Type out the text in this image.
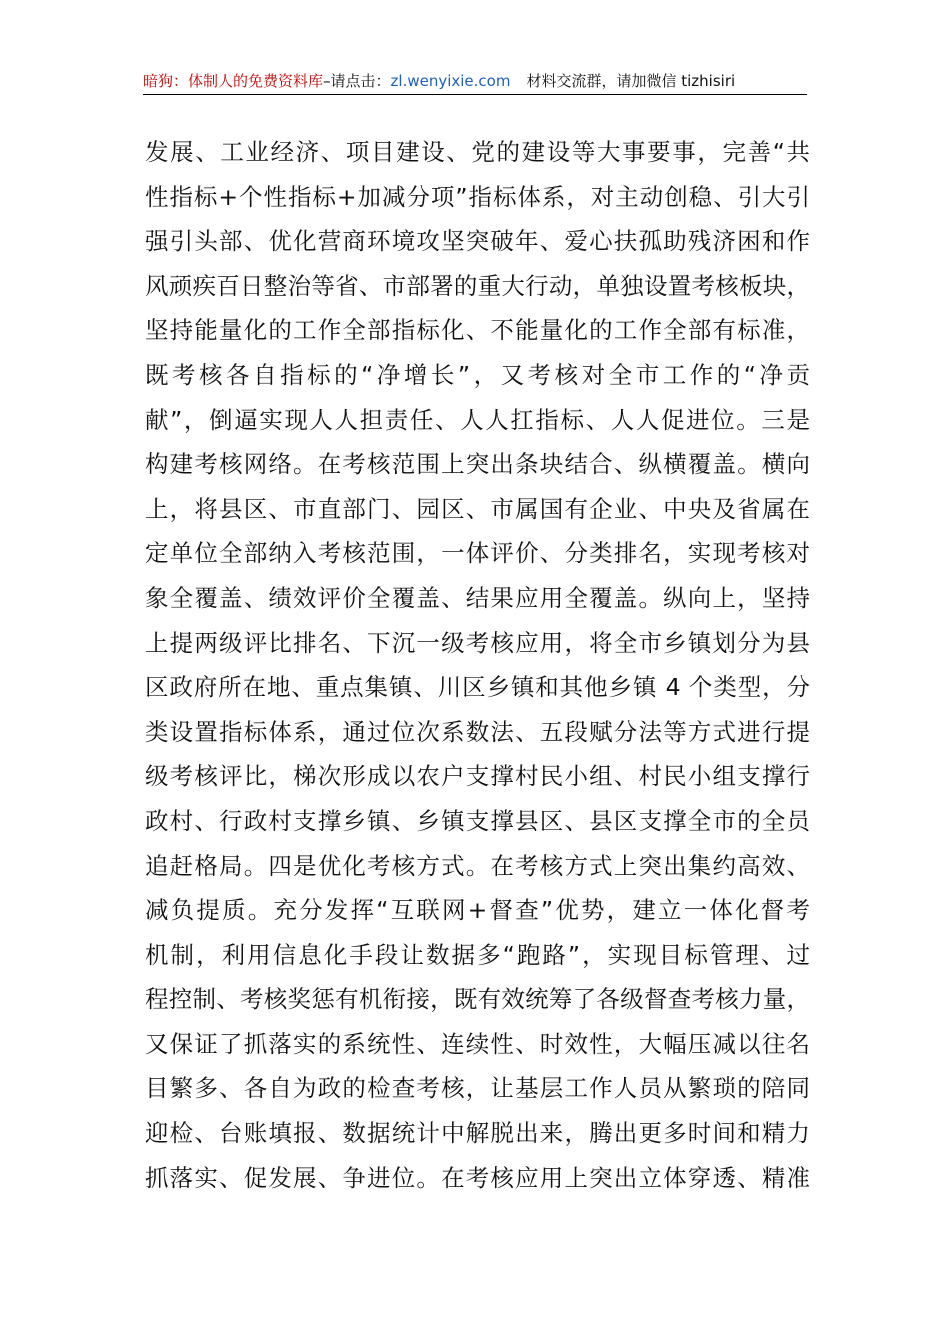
暗狗：体制人的免费资料库–请点击：zl.wenyixie.com 材料交流群，请加微信 tizhisiri
发展、工业经济、项目建设、党的建设等大事要事，完善“共
性指标+个性指标+加减分项”指标体系，对主动创稳、引大引
强引头部、优化营商环境攻坚突破年、爱心扶孤助残济困和作
风顽疾百日整治等省、市部署的重大行动，单独设置考核板块，
坚持能量化的工作全部指标化、不能量化的工作全部有标准，
既考核各自指标的“净增长”，又考核对全市工作的“净贡
献”，倒逼实现人人担责任、人人扛指标、人人促进位。三是
构建考核网络。在考核范围上突出条块结合、纵横覆盖。横向
上，将县区、市直部门、园区、市属国有企业、中央及省属在
定单位全部纳入考核范围，一体评价、分类排名，实现考核对
象全覆盖、绩效评价全覆盖、结果应用全覆盖。纵向上，坚持
上提两级评比排名、下沉一级考核应用，将全市乡镇划分为县
区政府所在地、重点集镇、川区乡镇和其他乡镇 4 个类型，分
类设置指标体系，通过位次系数法、五段赋分法等方式进行提
级考核评比，梯次形成以农户支撑村民小组、村民小组支撑行
政村、行政村支撑乡镇、乡镇支撑县区、县区支撑全市的全员
追赶格局。四是优化考核方式。在考核方式上突出集约高效、
减负提质。充分发挥“互联网+督查”优势，建立一体化督考
机制，利用信息化手段让数据多“跑路”，实现目标管理、过
程控制、考核奖惩有机衔接，既有效统筹了各级督查考核力量，
又保证了抓落实的系统性、连续性、时效性，大幅压减以往名
目繁多、各自为政的检查考核，让基层工作人员从繁琐的陪同
迎检、台账填报、数据统计中解脱出来，腾出更多时间和精力
抓落实、促发展、争进位。在考核应用上突出立体穿透、精准
